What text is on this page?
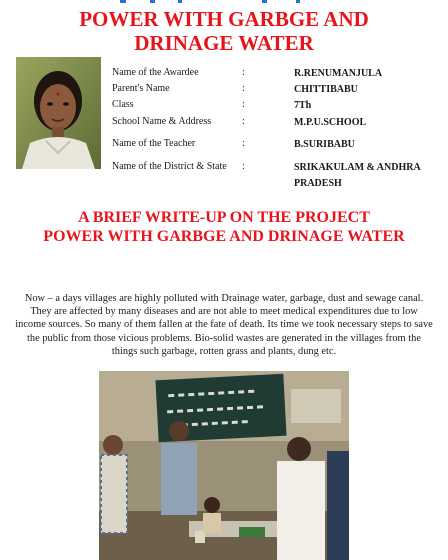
POWER WITH GARBGE AND
DRINAGE WATER
Name of the Awardee	:	R.RENUMANJULA
Parent's Name	:	CHITTIBABU
Class	:	7Th
School Name & Address	:	M.P.U.SCHOOL
Name of the Teacher	:	B.SURIBABU
Name of the District & State :	SRIKAKULAM & ANDHRA PRADESH
A BRIEF WRITE-UP ON THE PROJECT
POWER WITH GARBGE AND DRINAGE WATER

Now – a days villages are highly polluted with Drainage water, garbage, dust and sewage canal. They are affected by many diseases and are not able to meet medical expenditures due to low income sources. So many of them fallen at the fate of death. Its time we took necessary steps to save the public from those vicious problems. Bio-solid wastes are generated in the villages from the things such garbage, rotten grass and plants, dung etc.
